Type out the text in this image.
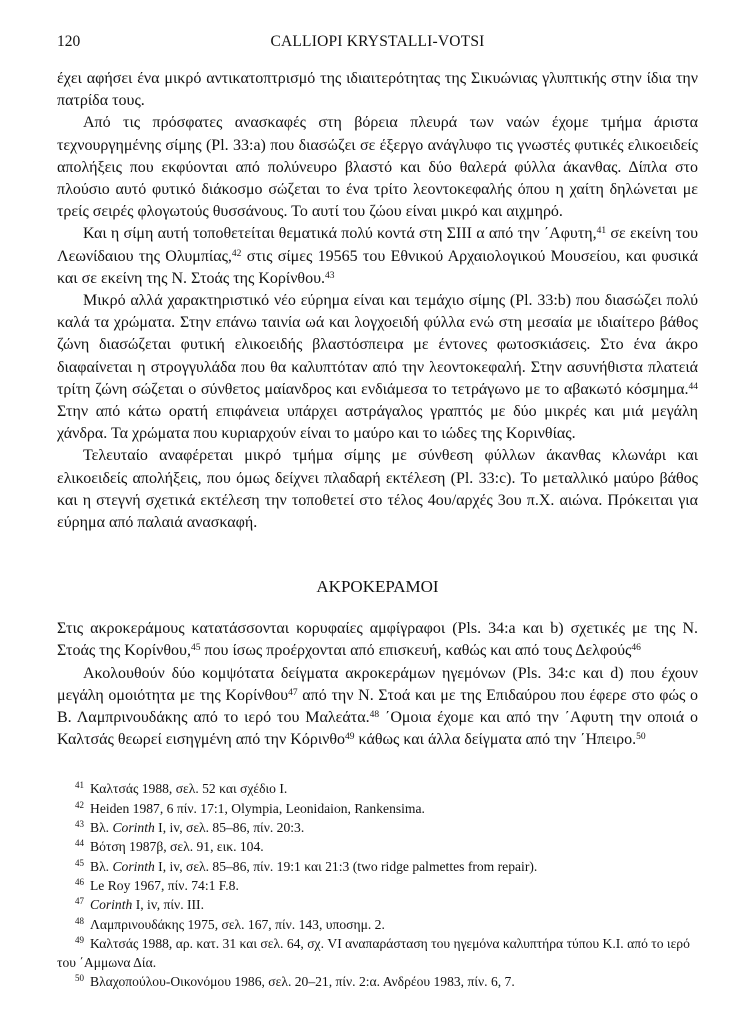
120	CALLIOPI KRYSTALLI-VOTSI

έχει αφήσει ένα μικρό αντικατοπτρισμό της ιδιαιτερότητας της Σικυώνιας γλυπτικής στην ίδια την πατρίδα τους.

Από τις πρόσφατες ανασκαφές στη βόρεια πλευρά των ναών έχομε τμήμα άριστα τεχνουργημένης σίμης (Pl. 33:a) που διασώζει σε έξεργο ανάγλυφο τις γνωστές φυτικές ελικοειδείς απολήξεις που εκφύονται από πολύνευρο βλαστό και δύο θαλερά φύλλα άκανθας. Δίπλα στο πλούσιο αυτό φυτικό διάκοσμο σώζεται το ένα τρίτο λεοντοκεφαλής όπου η χαίτη δηλώνεται με τρείς σειρές φλογωτούς θυσσάνους. Το αυτί του ζώου είναι μικρό και αιχμηρό.

Και η σίμη αυτή τοποθετείται θεματικά πολύ κοντά στη ΣΙΙΙ α από την ΄Αφυτη,$^{41}$ σε εκείνη του Λεωνίδαιου της Ολυμπίας,$^{42}$ στις σίμες 19565 του Εθνικού Αρχαιολογικού Μουσείου, και φυσικά και σε εκείνη της Ν. Στοάς της Κορίνθου.$^{43}$

Μικρό αλλά χαρακτηριστικό νέο εύρημα είναι και τεμάχιο σίμης (Pl. 33:b) που διασώζει πολύ καλά τα χρώματα. Στην επάνω ταινία ωά και λογχοειδή φύλλα ενώ στη μεσαία με ιδιαίτερο βάθος ζώνη διασώζεται φυτική ελικοειδής βλαστόσπειρα με έντονες φωτοσκιάσεις. Στο ένα άκρο διαφαίνεται η στρογγυλάδα που θα καλυπτόταν από την λεοντοκεφαλή. Στην ασυνήθιστα πλατειά τρίτη ζώνη σώζεται ο σύνθετος μαίανδρος και ενδιάμεσα το τετράγωνο με το αβακωτό κόσμημα.$^{44}$ Στην από κάτω ορατή επιφάνεια υπάρχει αστράγαλος γραπτός με δύο μικρές και μιά μεγάλη χάνδρα. Τα χρώματα που κυριαρχούν είναι το μαύρο και το ιώδες της Κορινθίας.

Τελευταίο αναφέρεται μικρό τμήμα σίμης με σύνθεση φύλλων άκανθας κλωνάρι και ελικοειδείς απολήξεις, που όμως δείχνει πλαδαρή εκτέλεση (Pl. 33:c). Το μεταλλικό μαύρο βάθος και η στεγνή σχετικά εκτέλεση την τοποθετεί στο τέλος 4ου/αρχές 3ου π.Χ. αιώνα. Πρόκειται για εύρημα από παλαιά ανασκαφή.

ΑΚΡΟΚΕΡΑΜΟΙ

Στις ακροκεράμους κατατάσσονται κορυφαίες αμφίγραφοι (Pls. 34:a και b) σχετικές με της Ν. Στοάς της Κορίνθου,$^{45}$ που ίσως προέρχονται από επισκευή, καθώς και από τους Δελφούς$^{46}$

Ακολουθούν δύο κομψότατα δείγματα ακροκεράμων ηγεμόνων (Pls. 34:c και d) που έχουν μεγάλη ομοιότητα με της Κορίνθου$^{47}$ από την Ν. Στοά και με της Επιδαύρου που έφερε στο φώς ο Β. Λαμπρινουδάκης από το ιερό του Μαλεάτα.$^{48}$ ΄Ομοια έχομε και από την ΄Αφυτη την οποιά ο Καλτσάς θεωρεί εισηγμένη από την Κόρινθο$^{49}$ κάθως και άλλα δείγματα από την ΄Ηπειρο.$^{50}$

$^{41}$ Καλτσάς 1988, σελ. 52 και σχέδιο I.
$^{42}$ Heiden 1987, 6 πίν. 17:1, Olympia, Leonidaion, Rankensima.
$^{43}$ Βλ. Corinth I, iv, σελ. 85–86, πίν. 20:3.
$^{44}$ Βότση 1987β, σελ. 91, εικ. 104.
$^{45}$ Βλ. Corinth I, iv, σελ. 85–86, πίν. 19:1 και 21:3 (two ridge palmettes from repair).
$^{46}$ Le Roy 1967, πίν. 74:1 F.8.
$^{47}$ Corinth I, iv, πίν. III.
$^{48}$ Λαμπρινουδάκης 1975, σελ. 167, πίν. 143, υποσημ. 2.
$^{49}$ Καλτσάς 1988, αρ. κατ. 31 και σελ. 64, σχ. VI αναπαράσταση του ηγεμόνα καλυπτήρα τύπου Κ.Ι. από το ιερό του ΄Αμμωνα Δία.
$^{50}$ Βλαχοπούλου-Οικονόμου 1986, σελ. 20–21, πίν. 2:α. Ανδρέου 1983, πίν. 6, 7.
